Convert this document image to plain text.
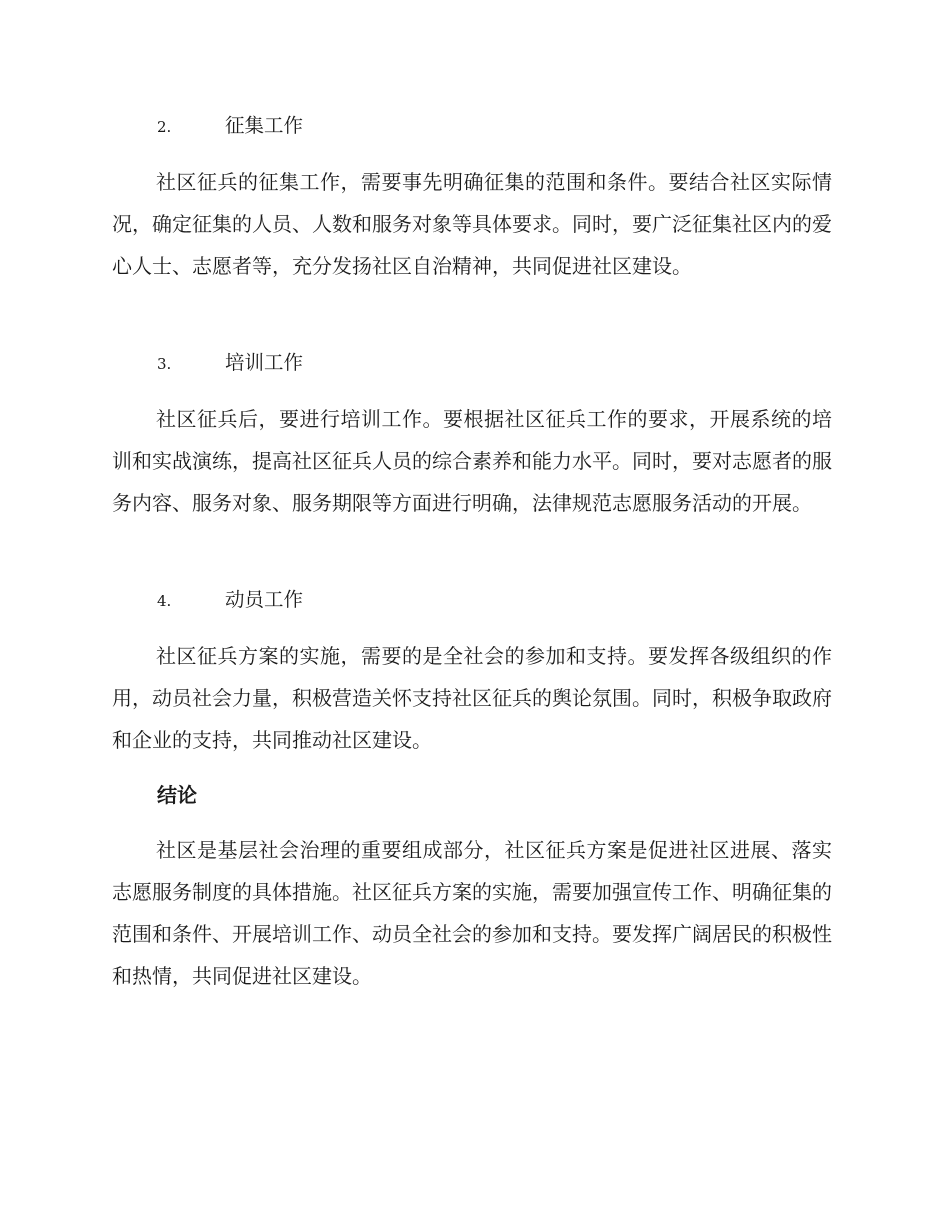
2.	征集工作
社区征兵的征集工作，需要事先明确征集的范围和条件。要结合社区实际情况，确定征集的人员、人数和服务对象等具体要求。同时，要广泛征集社区内的爱心人士、志愿者等，充分发扬社区自治精神，共同促进社区建设。
3.	培训工作
社区征兵后，要进行培训工作。要根据社区征兵工作的要求，开展系统的培训和实战演练，提高社区征兵人员的综合素养和能力水平。同时，要对志愿者的服务内容、服务对象、服务期限等方面进行明确，法律规范志愿服务活动的开展。
4.	动员工作
社区征兵方案的实施，需要的是全社会的参加和支持。要发挥各级组织的作用，动员社会力量，积极营造关怀支持社区征兵的舆论氛围。同时，积极争取政府和企业的支持，共同推动社区建设。
结论
社区是基层社会治理的重要组成部分，社区征兵方案是促进社区进展、落实志愿服务制度的具体措施。社区征兵方案的实施，需要加强宣传工作、明确征集的范围和条件、开展培训工作、动员全社会的参加和支持。要发挥广阔居民的积极性和热情，共同促进社区建设。
